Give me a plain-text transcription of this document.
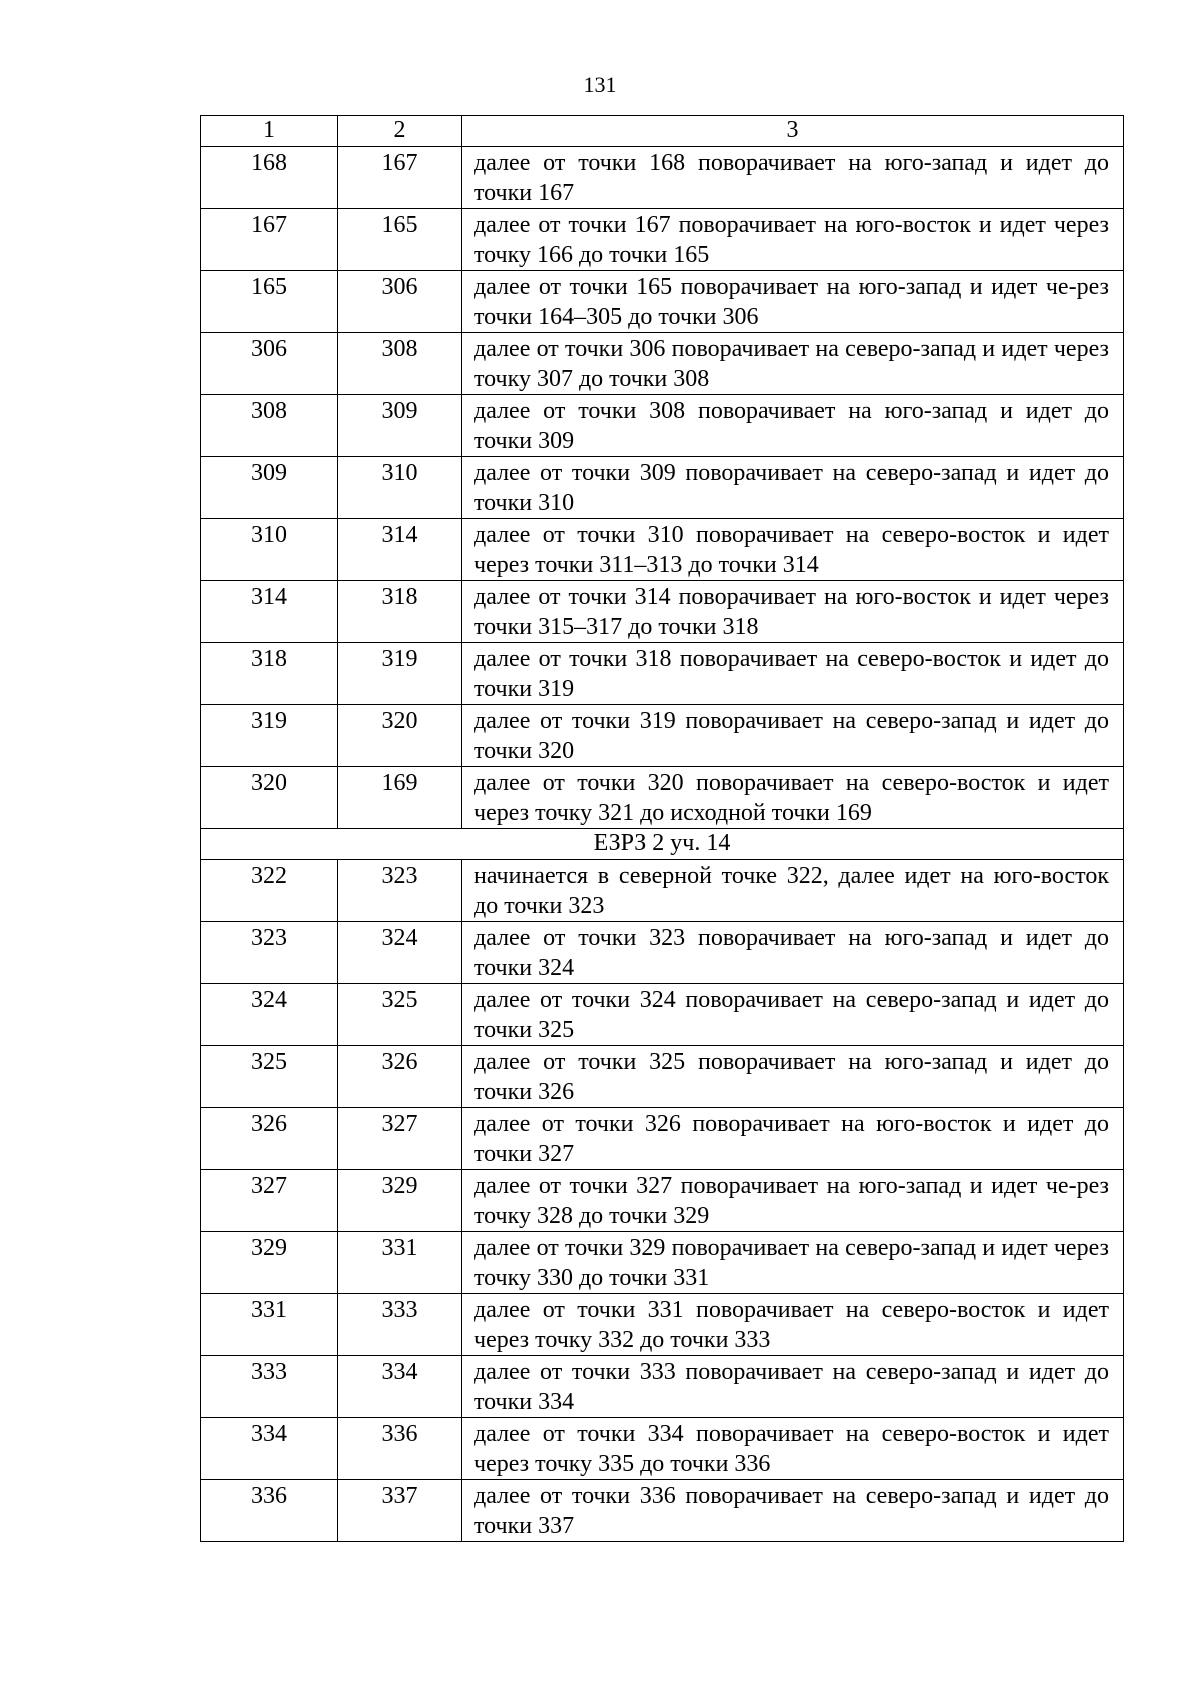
131
1	2	3
168	167	далее от точки 168 поворачивает на юго-запад и идет до точки 167
167	165	далее от точки 167 поворачивает на юго-восток и идет через точку 166 до точки 165
165	306	далее от точки 165 поворачивает на юго-запад и идет че-рез точки 164–305 до точки 306
306	308	далее от точки 306 поворачивает на северо-запад и идет через точку 307 до точки 308
308	309	далее от точки 308 поворачивает на юго-запад и идет до точки 309
309	310	далее от точки 309 поворачивает на северо-запад и идет до точки 310
310	314	далее от точки 310 поворачивает на северо-восток и идет через точки 311–313 до точки 314
314	318	далее от точки 314 поворачивает на юго-восток и идет через точки 315–317 до точки 318
318	319	далее от точки 318 поворачивает на северо-восток и идет до точки 319
319	320	далее от точки 319 поворачивает на северо-запад и идет до точки 320
320	169	далее от точки 320 поворачивает на северо-восток и идет через точку 321 до исходной точки 169
ЕЗРЗ 2 уч. 14		
322	323	начинается в северной точке 322, далее идет на юго-восток до точки 323
323	324	далее от точки 323 поворачивает на юго-запад и идет до точки 324
324	325	далее от точки 324 поворачивает на северо-запад и идет до точки 325
325	326	далее от точки 325 поворачивает на юго-запад и идет до точки 326
326	327	далее от точки 326 поворачивает на юго-восток и идет до точки 327
327	329	далее от точки 327 поворачивает на юго-запад и идет че-рез точку 328 до точки 329
329	331	далее от точки 329 поворачивает на северо-запад и идет через точку 330 до точки 331
331	333	далее от точки 331 поворачивает на северо-восток и идет через точку 332 до точки 333
333	334	далее от точки 333 поворачивает на северо-запад и идет до точки 334
334	336	далее от точки 334 поворачивает на северо-восток и идет через точку 335 до точки 336
336	337	далее от точки 336 поворачивает на северо-запад и идет до точки 337
